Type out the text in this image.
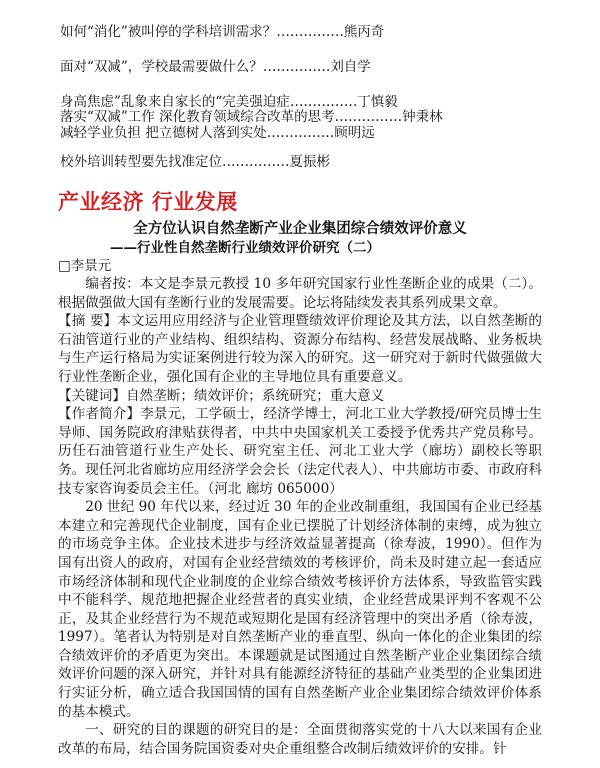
如何“消化”被叫停的学科培训需求？……………熊丙奇
面对“双减”，学校最需要做什么？……………刘自学
身高焦虑”乱象来自家长的“完美强迫症……………丁慎毅
落实“双减”工作 深化教育领域综合改革的思考……………钟秉林
减轻学业负担 把立德树人落到实处……………顾明远
校外培训转型要先找准定位……………夏振彬
产业经济 行业发展
全方位认识自然垄断产业企业集团综合绩效评价意义
——行业性自然垄断行业绩效评价研究（二）
□李景元

编者按：本文是李景元教授 10 多年研究国家行业性垄断企业的成果（二）。根据做强做大国有垄断行业的发展需要。论坛将陆续发表其系列成果文章。

【摘 要】本文运用应用经济与企业管理暨绩效评价理论及其方法，以自然垄断的石油管道行业的产业结构、组织结构、资源分布结构、经营发展战略、业务板块与生产运行格局为实证案例进行较为深入的研究。这一研究对于新时代做强做大行业性垄断企业，强化国有企业的主导地位具有重要意义。

【关键词】自然垄断；绩效评价；系统研究；重大意义

【作者简介】李景元，工学硕士，经济学博士，河北工业大学教授/研究员博士生导师、国务院政府津贴获得者，中共中央国家机关工委授予优秀共产党员称号。历任石油管道行业生产处长、研究室主任、河北工业大学（廊坊）副校长等职务。现任河北省廊坊应用经济学会会长（法定代表人）、中共廊坊市委、市政府科技专家咨询委员会主任。（河北 廊坊 065000）

20 世纪 90 年代以来，经过近 30 年的企业改制重组，我国国有企业已经基本建立和完善现代企业制度，国有企业已摆脱了计划经济体制的束缚，成为独立的市场竞争主体。企业技术进步与经济效益显著提高（徐寿波，1990）。但作为国有出资人的政府，对国有企业经营绩效的考核评价，尚未及时建立起一套适应市场经济体制和现代企业制度的企业综合绩效考核评价方法体系，导致监管实践中不能科学、规范地把握企业经营者的真实业绩，企业经营成果评判不客观不公正，及其企业经营行为不规范或短期化是国有经济管理中的突出矛盾（徐寿波，1997）。笔者认为特别是对自然垄断产业的垂直型、纵向一体化的企业集团的综合绩效评价的矛盾更为突出。本课题就是试图通过自然垄断产业企业集团综合绩效评价问题的深入研究，并针对具有能源经济特征的基础产业类型的企业集团进行实证分析，确立适合我国国情的国有自然垄断产业企业集团综合绩效评价体系的基本模式。

一、研究的目的课题的研究目的是：全面贯彻落实党的十八大以来国有企业改革的布局，结合国务院国资委对央企重组整合改制后绩效评价的安排。针
